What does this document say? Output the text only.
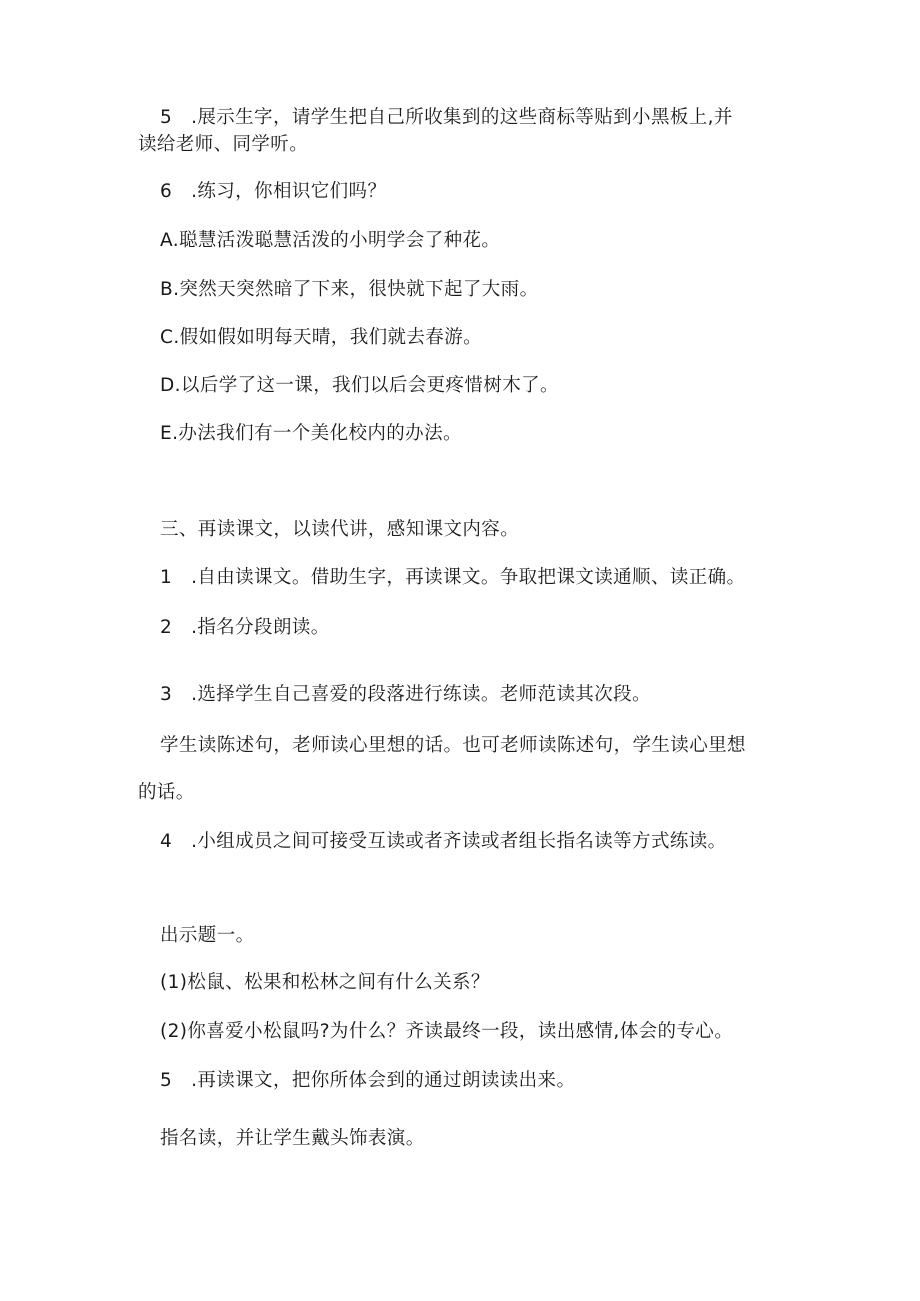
5　.展示生字，请学生把自己所收集到的这些商标等贴到小黑板上,并
读给老师、同学听。
6　.练习，你相识它们吗？
A.聪慧活泼聪慧活泼的小明学会了种花。
B.突然天突然暗了下来，很快就下起了大雨。
C.假如假如明每天晴，我们就去春游。
D.以后学了这一课，我们以后会更疼惜树木了。
E.办法我们有一个美化校内的办法。
三、再读课文，以读代讲，感知课文内容。
1　.自由读课文。借助生字，再读课文。争取把课文读通顺、读正确。
2　.指名分段朗读。
3　.选择学生自己喜爱的段落进行练读。老师范读其次段。
学生读陈述句，老师读心里想的话。也可老师读陈述句，学生读心里想
的话。
4　.小组成员之间可接受互读或者齐读或者组长指名读等方式练读。
出示题一。
(1)松鼠、松果和松林之间有什么关系？
(2)你喜爱小松鼠吗?为什么？齐读最终一段，读出感情,体会的专心。
5　.再读课文，把你所体会到的通过朗读读出来。
指名读，并让学生戴头饰表演。
